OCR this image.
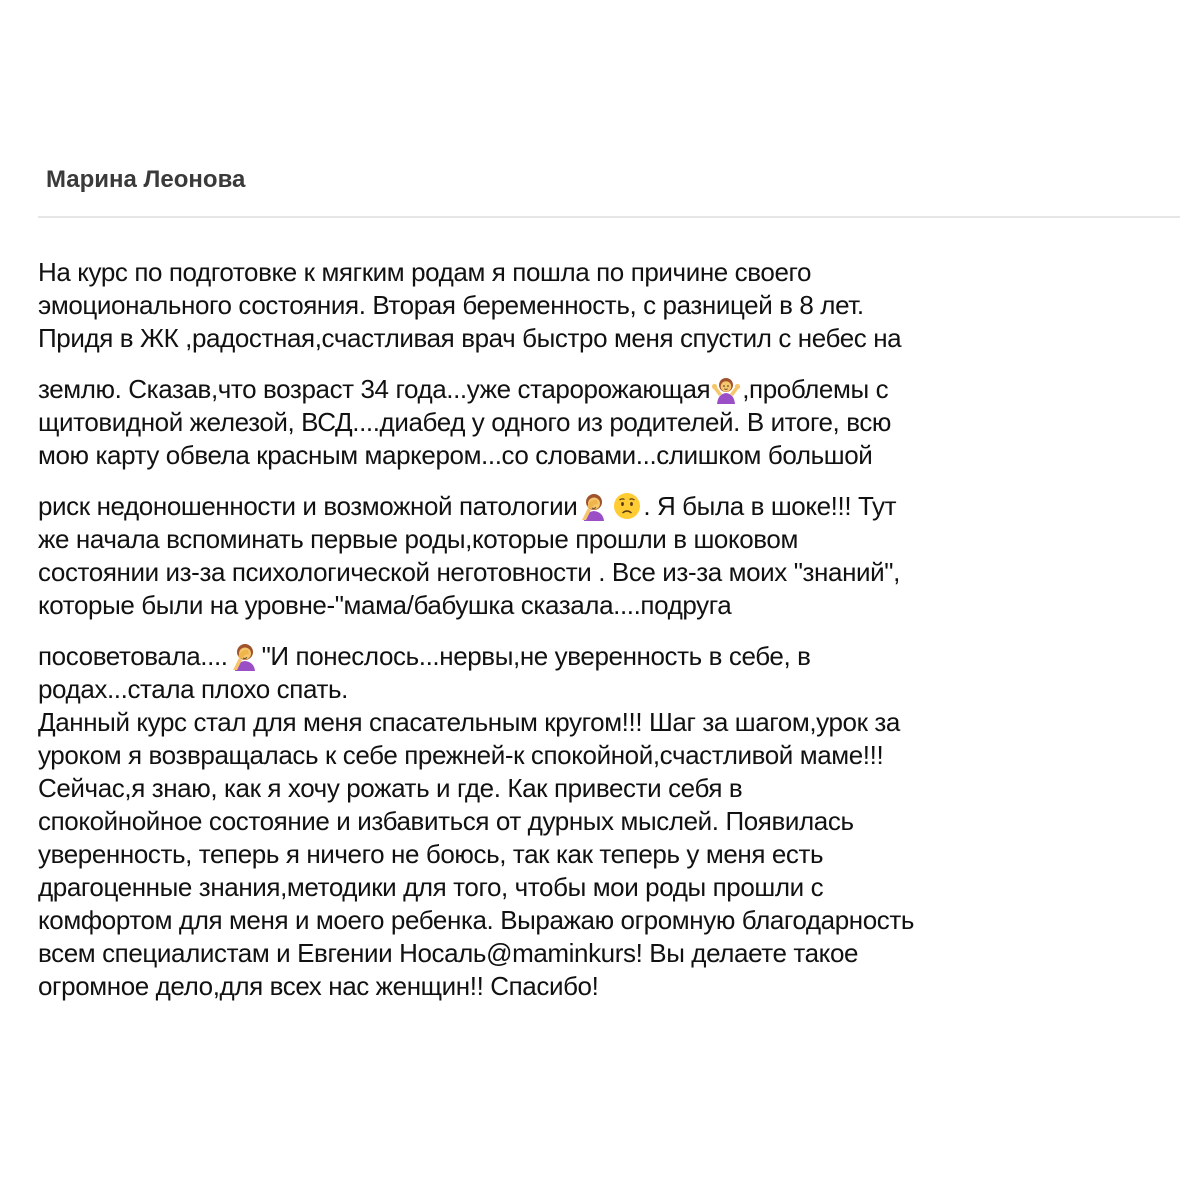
Марина Леонова
На курс по подготовке к мягким родам я пошла по причине своего
эмоционального состояния. Вторая беременность, с разницей в 8 лет.
Придя в ЖК ,радостная,счастливая врач быстро меня спустил с небес на
землю. Сказав,что возраст 34 года...уже старорожающая ,проблемы с
щитовидной железой, ВСД....диабед у одного из родителей. В итоге, всю
мою карту обвела красным маркером...со словами...слишком большой
риск недоношенности и возможной патологии	. Я была в шоке!!! Тут
же начала вспоминать первые роды,которые прошли в шоковом
состоянии из-за психологической неготовности . Все из-за моих "знаний",
которые были на уровне-"мама/бабушка сказала....подруга
посоветовала.... "И понеслось...нервы,не уверенность в себе, в
родах...стала плохо спать.
Данный курс стал для меня спасательным кругом!!! Шаг за шагом,урок за
уроком я возвращалась к себе прежней-к спокойной,счастливой маме!!!
Сейчас,я знаю, как я хочу рожать и где. Как привести себя в
спокойнойное состояние и избавиться от дурных мыслей. Появилась
уверенность, теперь я ничего не боюсь, так как теперь у меня есть
драгоценные знания,методики для того, чтобы мои роды прошли с
комфортом для меня и моего ребенка. Выражаю огромную благодарность
всем специалистам и Евгении Носаль@maminkurs! Вы делаете такое
огромное дело,для всех нас женщин!! Спасибо!
